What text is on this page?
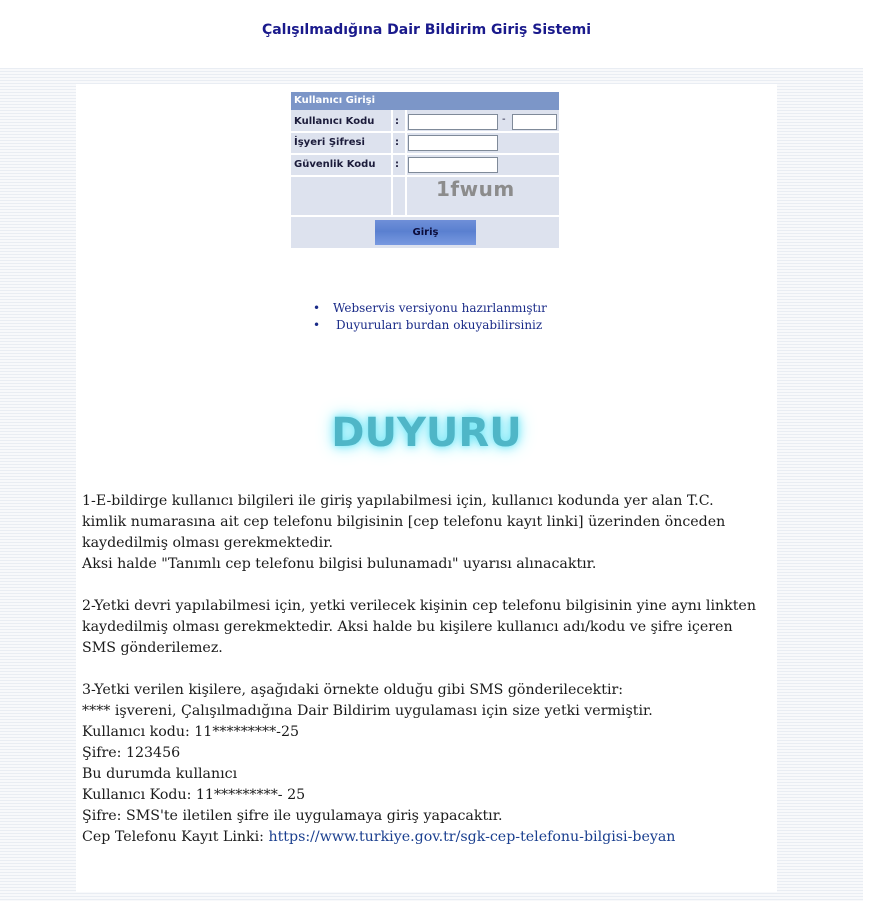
Çalışılmadığına Dair Bildirim Giriş Sistemi
Kullanıcı Girişi
Kullanıcı Kodu :
İşyeri Şifresi	:
Güvenlik Kodu :
-
1fwum
Giriş
• Webservis versiyonu hazırlanmıştır
• Duyuruları burdan okuyabilirsiniz
DUYURU

1-E-bildirge kullanıcı bilgileri ile giriş yapılabilmesi için, kullanıcı kodunda yer alan T.C.

kimlik numarasına ait cep telefonu bilgisinin [cep telefonu kayıt linki] üzerinden önceden

kaydedilmiş olması gerekmektedir.

Aksi halde "Tanımlı cep telefonu bilgisi bulunamadı" uyarısı alınacaktır.

2-Yetki devri yapılabilmesi için, yetki verilecek kişinin cep telefonu bilgisinin yine aynı linkten

kaydedilmiş olması gerekmektedir. Aksi halde bu kişilere kullanıcı adı/kodu ve şifre içeren

SMS gönderilemez.

3-Yetki verilen kişilere, aşağıdaki örnekte olduğu gibi SMS gönderilecektir:

**** işvereni, Çalışılmadığına Dair Bildirim uygulaması için size yetki vermiştir.

Kullanıcı kodu: 11*********-25

Şifre: 123456

Bu durumda kullanıcı

Kullanıcı Kodu: 11*********- 25

Şifre: SMS'te iletilen şifre ile uygulamaya giriş yapacaktır.

Cep Telefonu Kayıt Linki: https://www.turkiye.gov.tr/sgk-cep-telefonu-bilgisi-beyan
